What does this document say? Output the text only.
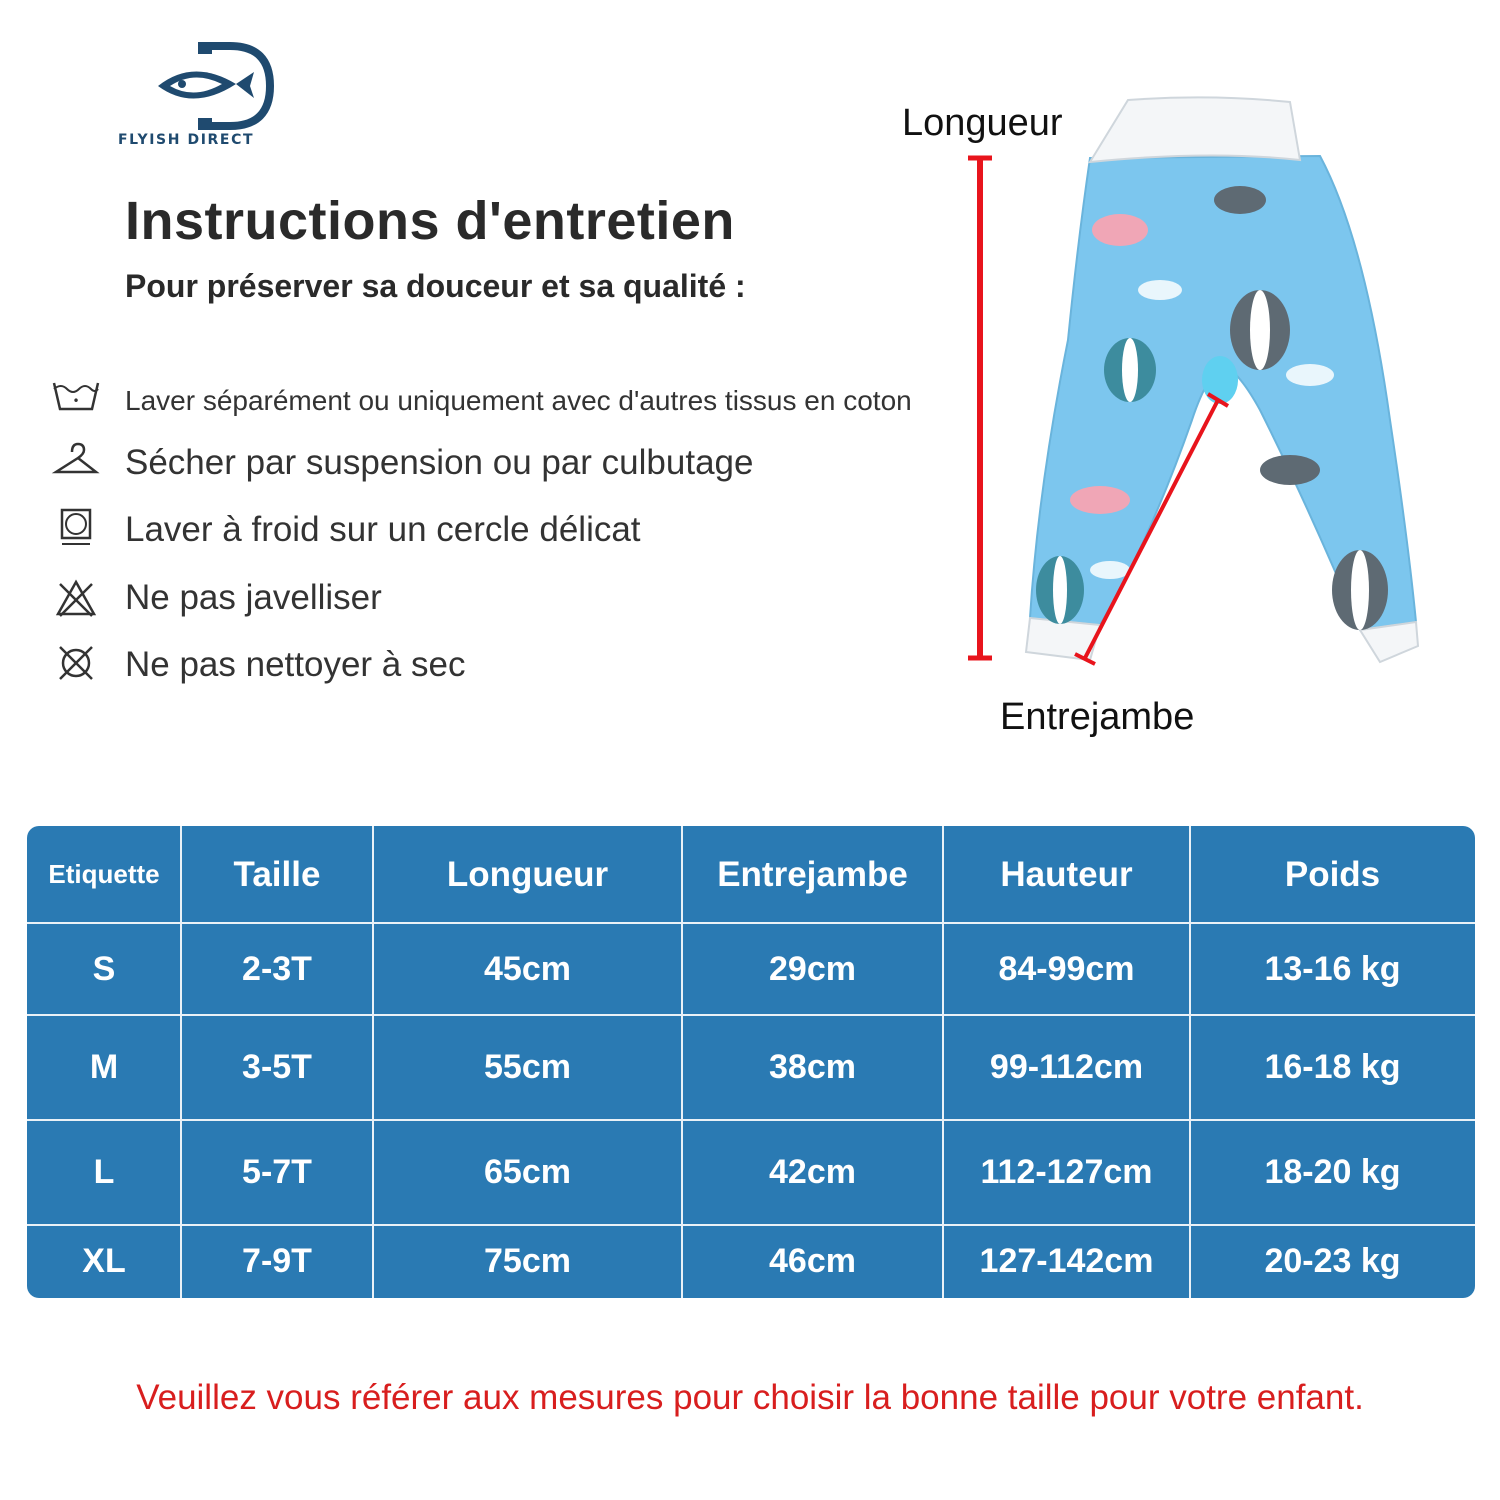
FLYISH DIRECT
Instructions d'entretien
Pour préserver sa douceur et sa qualité :
• Laver séparément ou uniquement avec d'autres tissus en coton
Sécher par suspension ou par culbutage
Laver à froid sur un cercle délicat
Ne pas javelliser
Ne pas nettoyer à sec
Longueur
Entrejambe
Etiquette	Taille	Longueur	Entrejambe	Hauteur	Poids
S	2-3T	45cm	29cm	84-99cm	13-16 kg
M	3-5T	55cm	38cm	99-112cm	16-18 kg
L	5-7T	65cm	42cm	112-127cm	18-20 kg
XL	7-9T	75cm	46cm	127-142cm	20-23 kg
Veuillez vous référer aux mesures pour choisir la bonne taille pour votre enfant.
